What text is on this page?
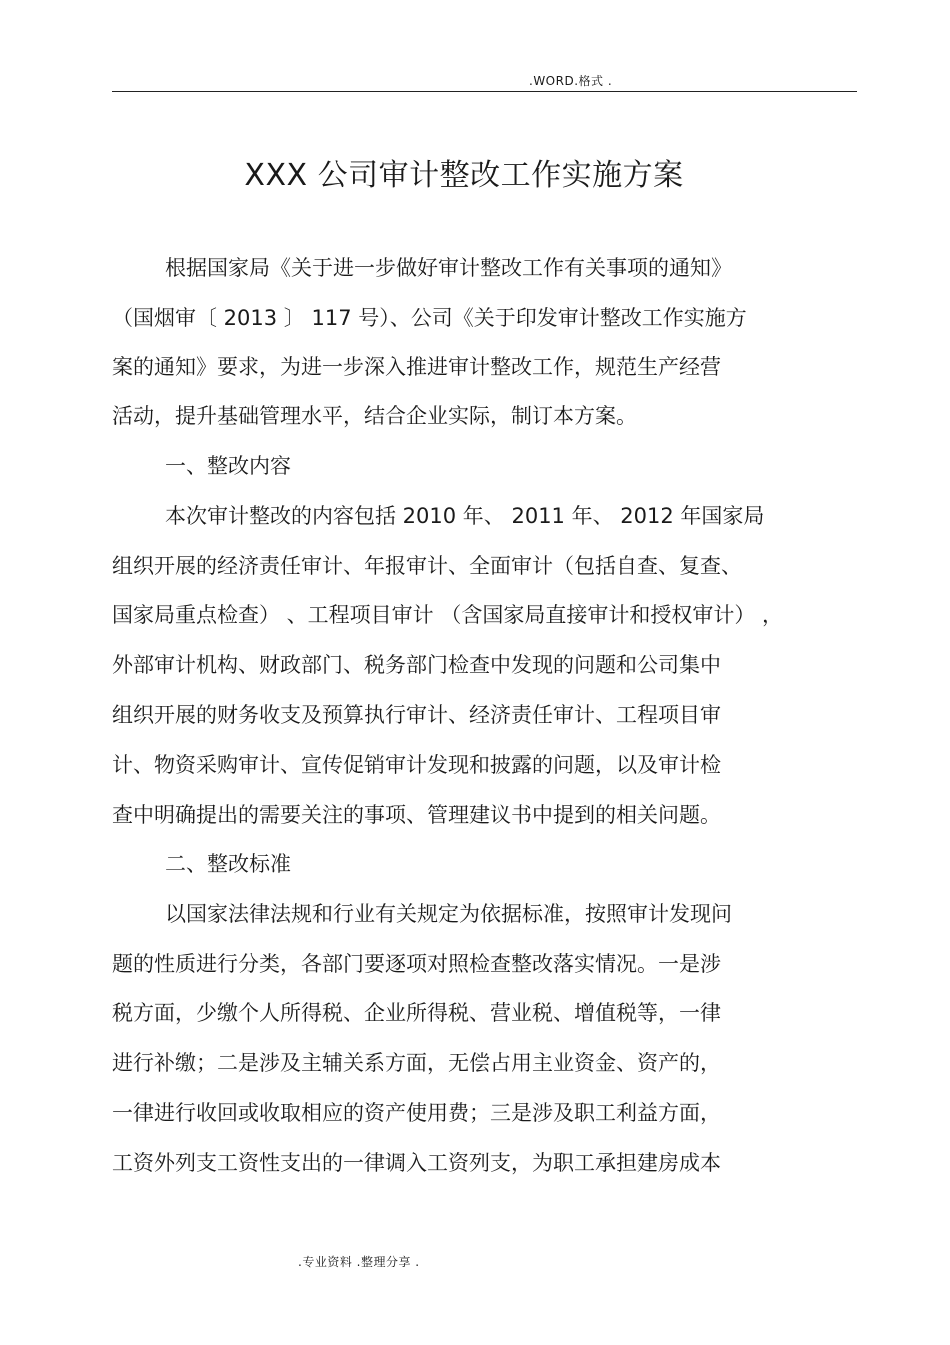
.WORD.格式 .
XXX 公司审计整改工作实施方案
根据国家局《关于进一步做好审计整改工作有关事项的通知》
（国烟审〔 2013 〕 117 号）、公司《关于印发审计整改工作实施方
案的通知》要求，为进一步深入推进审计整改工作，规范生产经营
活动，提升基础管理水平，结合企业实际，制订本方案。
一、整改内容
本次审计整改的内容包括 2010 年、 2011 年、 2012 年国家局
组织开展的经济责任审计、年报审计、全面审计（包括自查、复查、
国家局重点检查） 、工程项目审计 （含国家局直接审计和授权审计） ，
外部审计机构、财政部门、税务部门检查中发现的问题和公司集中
组织开展的财务收支及预算执行审计、经济责任审计、工程项目审
计、物资采购审计、宣传促销审计发现和披露的问题，以及审计检
查中明确提出的需要关注的事项、管理建议书中提到的相关问题。
二、整改标准
以国家法律法规和行业有关规定为依据标准，按照审计发现问
题的性质进行分类，各部门要逐项对照检查整改落实情况。一是涉
税方面，少缴个人所得税、企业所得税、营业税、增值税等，一律
进行补缴；二是涉及主辅关系方面，无偿占用主业资金、资产的，
一律进行收回或收取相应的资产使用费；三是涉及职工利益方面，
工资外列支工资性支出的一律调入工资列支，为职工承担建房成本
.专业资料 .整理分享 .
